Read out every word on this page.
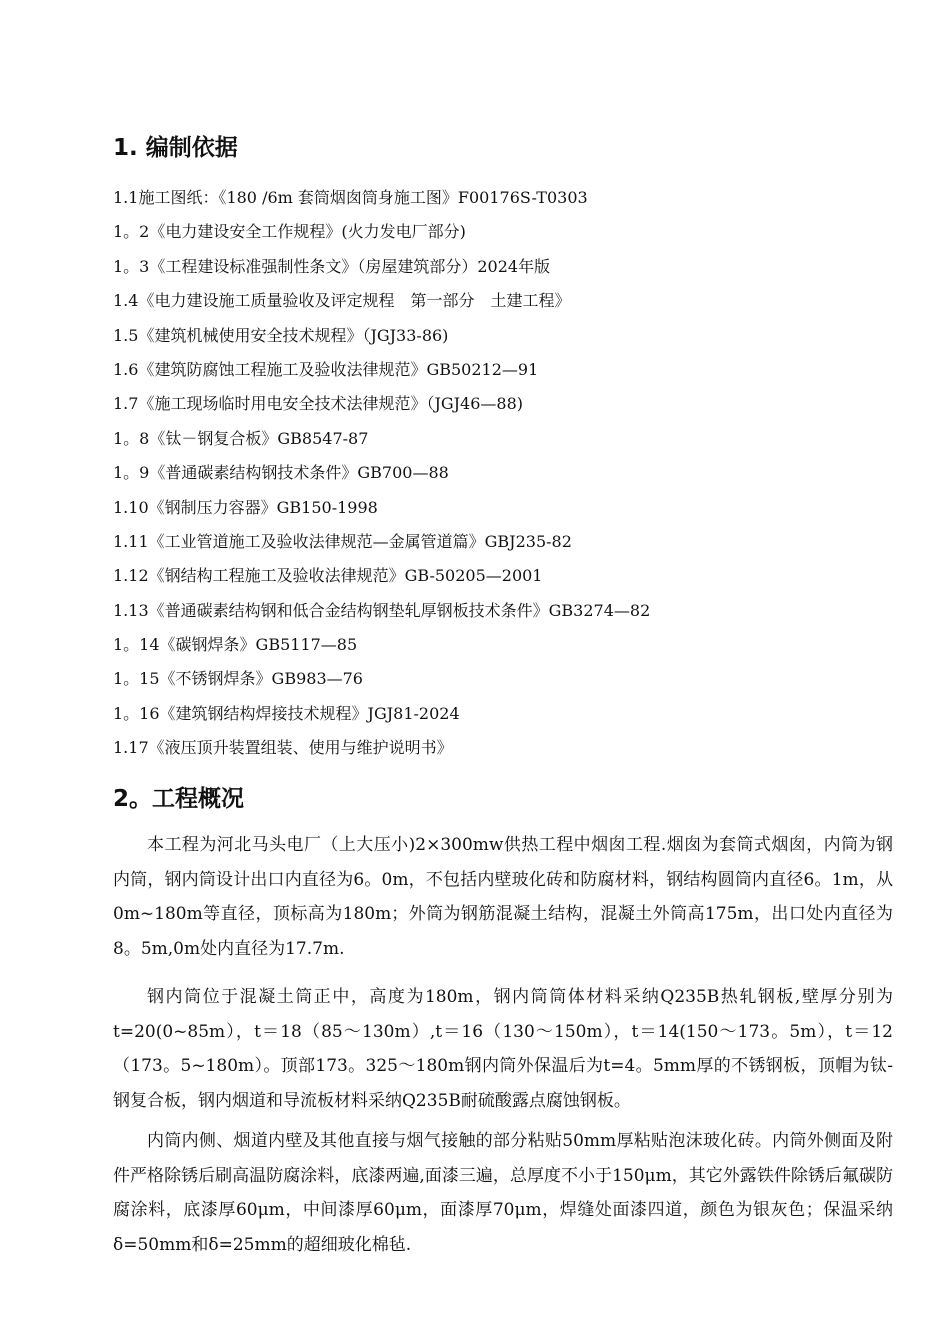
1. 编制依据
1.1施工图纸：《180 /6m 套筒烟囱筒身施工图》F00176S-T0303
1。2《电力建设安全工作规程》(火力发电厂部分)
1。3《工程建设标准强制性条文》（房屋建筑部分）2024年版
1.4《电力建设施工质量验收及评定规程　第一部分　土建工程》
1.5《建筑机械使用安全技术规程》（JGJ33-86)
1.6《建筑防腐蚀工程施工及验收法律规范》GB50212—91
1.7《施工现场临时用电安全技术法律规范》（JGJ46—88)
1。8《钛－钢复合板》GB8547-87
1。9《普通碳素结构钢技术条件》GB700—88
1.10《钢制压力容器》GB150-1998
1.11《工业管道施工及验收法律规范—金属管道篇》GBJ235-82
1.12《钢结构工程施工及验收法律规范》GB-50205—2001
1.13《普通碳素结构钢和低合金结构钢垫轧厚钢板技术条件》GB3274—82
1。14《碳钢焊条》GB5117—85
1。15《不锈钢焊条》GB983—76
1。16《建筑钢结构焊接技术规程》JGJ81-2024
1.17《液压顶升装置组装、使用与维护说明书》
2。工程概况

本工程为河北马头电厂（上大压小)2×300mw供热工程中烟囱工程.烟囱为套筒式烟囱，内筒为钢内筒，钢内筒设计出口内直径为6。0m，不包括内壁玻化砖和防腐材料，钢结构圆筒内直径6。1m，从0m~180m等直径，顶标高为180m；外筒为钢筋混凝土结构，混凝土外筒高175m，出口处内直径为8。5m,0m处内直径为17.7m.

钢内筒位于混凝土筒正中，高度为180m，钢内筒筒体材料采纳Q235B热轧钢板,壁厚分别为t=20(0~85m），t＝18（85～130m）,t＝16（130～150m），t＝14(150～173。5m），t＝12（173。5~180m）。顶部173。325～180m钢内筒外保温后为t=4。5mm厚的不锈钢板，顶帽为钛-钢复合板，钢内烟道和导流板材料采纳Q235B耐硫酸露点腐蚀钢板。

内筒内侧、烟道内壁及其他直接与烟气接触的部分粘贴50mm厚粘贴泡沫玻化砖。内筒外侧面及附件严格除锈后刷高温防腐涂料，底漆两遍,面漆三遍，总厚度不小于150μm，其它外露铁件除锈后氟碳防腐涂料，底漆厚60μm，中间漆厚60μm，面漆厚70μm，焊缝处面漆四道，颜色为银灰色；保温采纳δ=50mm和δ=25mm的超细玻化棉毡.
